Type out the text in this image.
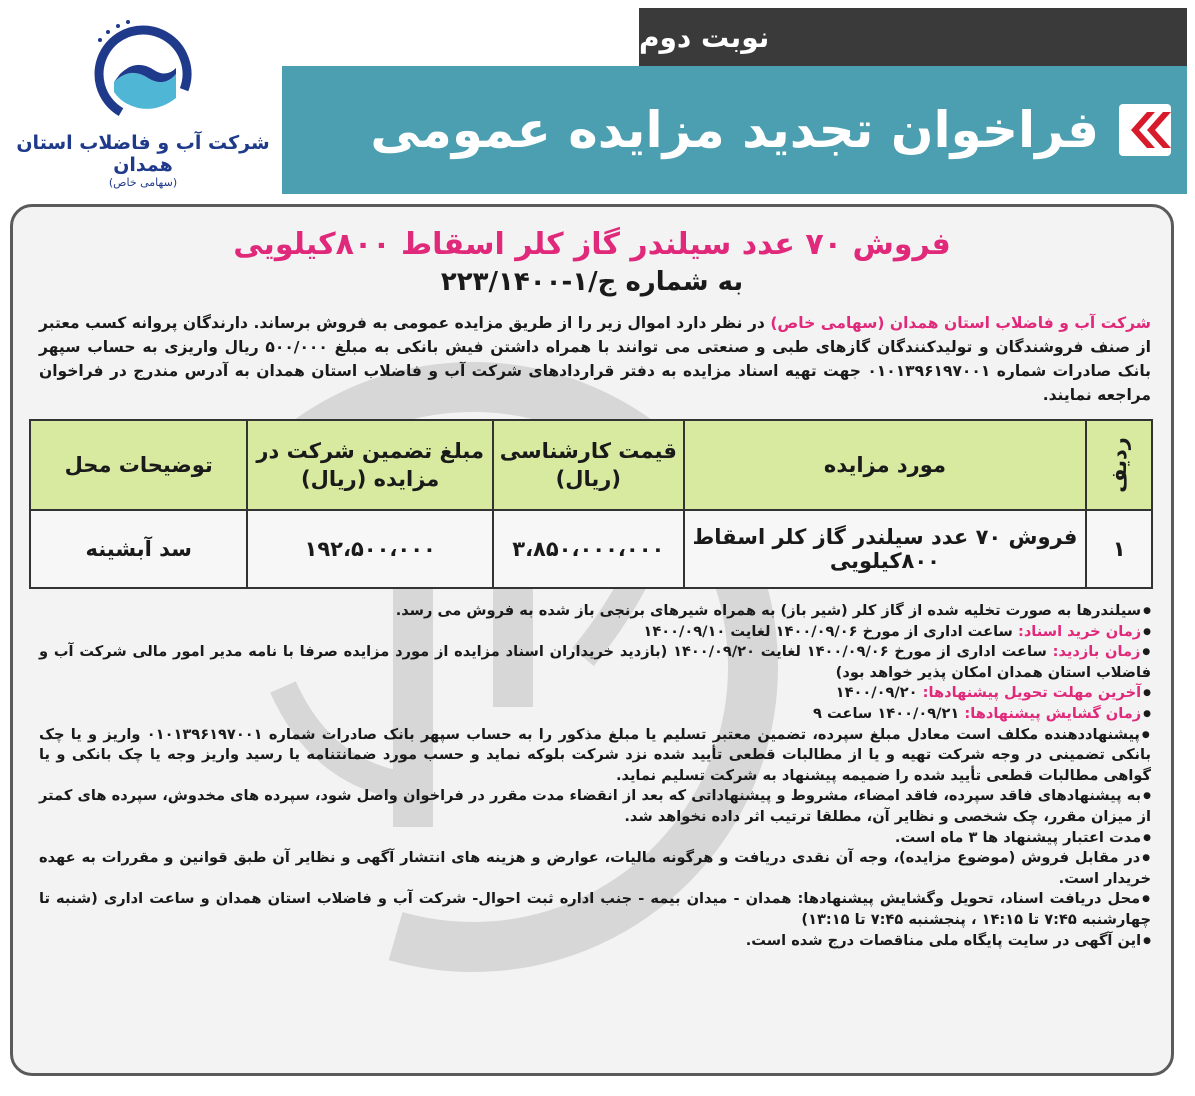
نوبت دوم
فراخوان تجدید مزایده عمومی
شرکت آب و فاضلاب استان همدان
(سهامی خاص)
فروش ۷۰ عدد سیلندر گاز کلر اسقاط ۸۰۰کیلویی
به شماره ج/۱-۲۲۳/۱۴۰۰
شرکت آب و فاضلاب استان همدان (سهامی خاص) در نظر دارد اموال زیر را از طریق مزایده عمومی به فروش برساند. دارندگان پروانه کسب معتبر از صنف فروشندگان و تولیدکنندگان گازهای طبی و صنعتی می توانند با همراه داشتن فیش بانکی به مبلغ ۵۰۰/۰۰۰ ریال واریزی به حساب سپهر بانک صادرات شماره ۰۱۰۱۳۹۶۱۹۷۰۰۱ جهت تهیه اسناد مزایده به دفتر قراردادهای شرکت آب و فاضلاب استان همدان به آدرس مندرج در فراخوان مراجعه نمایند.
ردیف	مورد مزایده	قیمت کارشناسی (ریال)	مبلغ تضمین شرکت در مزایده (ریال)	توضیحات محل
۱	فروش ۷۰ عدد سیلندر گاز کلر اسقاط ۸۰۰کیلویی	۳،۸۵۰،۰۰۰،۰۰۰	۱۹۲،۵۰۰،۰۰۰	سد آبشینه
● سیلندرها به صورت تخلیه شده از گاز کلر (شیر باز) به همراه شیرهای برنجی باز شده به فروش می رسد.
● زمان خرید اسناد: ساعت اداری از مورخ ۱۴۰۰/۰۹/۰۶ لغایت ۱۴۰۰/۰۹/۱۰
● زمان بازدید: ساعت اداری از مورخ ۱۴۰۰/۰۹/۰۶ لغایت ۱۴۰۰/۰۹/۲۰ (بازدید خریداران اسناد مزایده از مورد مزایده صرفا با نامه مدیر امور مالی شرکت آب و فاضلاب استان همدان امکان پذیر خواهد بود)
● آخرین مهلت تحویل پیشنهادها: ۱۴۰۰/۰۹/۲۰
● زمان گشایش پیشنهادها: ۱۴۰۰/۰۹/۲۱ ساعت ۹
● پیشنهاددهنده مکلف است معادل مبلغ سپرده، تضمین معتبر تسلیم یا مبلغ مذکور را به حساب سپهر بانک صادرات شماره ۰۱۰۱۳۹۶۱۹۷۰۰۱ واریز و یا چک بانکی تضمینی در وجه شرکت تهیه و یا از مطالبات قطعی تأیید شده نزد شرکت بلوکه نماید و حسب مورد ضمانتنامه یا رسید واریز وجه یا چک بانکی و یا گواهی مطالبات قطعی تأیید شده را ضمیمه پیشنهاد به شرکت تسلیم نماید.
● به پیشنهادهای فاقد سپرده، فاقد امضاء، مشروط و پیشنهاداتی که بعد از انقضاء مدت مقرر در فراخوان واصل شود، سپرده های مخدوش، سپرده های کمتر از میزان مقرر، چک شخصی و نظایر آن، مطلقا ترتیب اثر داده نخواهد شد.
● مدت اعتبار پیشنهاد ها ۳ ماه است.
● در مقابل فروش (موضوع مزایده)، وجه آن نقدی دریافت و هرگونه مالیات، عوارض و هزینه های انتشار آگهی و نظایر آن طبق قوانین و مقررات به عهده خریدار است.
● محل دریافت اسناد، تحویل وگشایش پیشنهادها: همدان - میدان بیمه - جنب اداره ثبت احوال- شرکت آب و فاضلاب استان همدان و ساعت اداری (شنبه تا چهارشنبه ۷:۴۵ تا ۱۴:۱۵ ، پنجشنبه ۷:۴۵ تا ۱۳:۱۵)
● این آگهی در سایت پایگاه ملی مناقصات درج شده است.
